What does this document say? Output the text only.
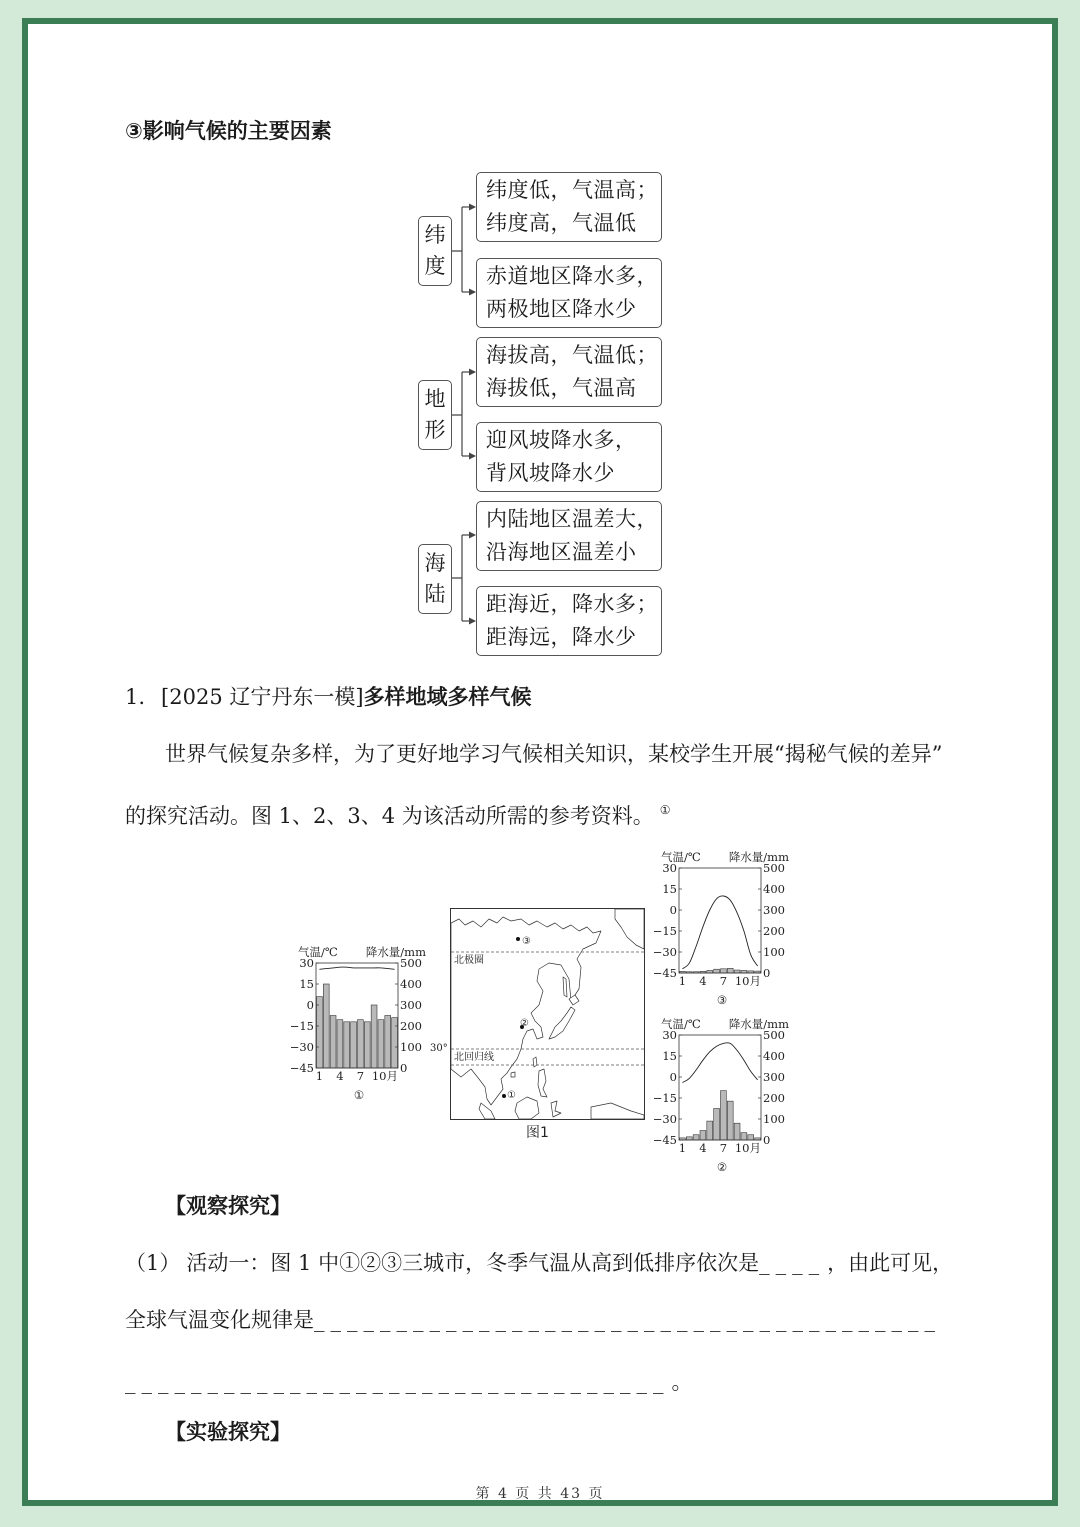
③影响气候的主要因素
纬度
地形
海陆
纬度低，气温高；
纬度高，气温低
赤道地区降水多，
两极地区降水少
海拔高，气温低；
海拔低，气温高
迎风坡降水多，
背风坡降水少
内陆地区温差大，
沿海地区温差小
距海近，降水多；
距海远，降水少
1. [2025 辽宁丹东一模]多样地域多样气候
世界气候复杂多样，为了更好地学习气候相关知识，某校学生开展“揭秘气候的差异”
的探究活动。图 1、2、3、4 为该活动所需的参考资料。 ①
30
15
0
−15
−30
−45
500
400
300
200
100
0
1 4 7 10月
气温/℃ 降水量/mm
①
30
15
0
−15
−30
−45
500
400
300
200
100
0
1 4 7 10月
气温/℃ 降水量/mm
②
30
15
0
−15
−30
−45
500
400
300
200
100
0
1 4 7 10月
气温/℃ 降水量/mm
③
北极圈
北回归线
③
②
①
30°
图1
【观察探究】
（1） 活动一：图 1 中①②③三城市，冬季气温从高到低排序依次是____，由此可见，
全球气温变化规律是______________________________________
_________________________________。
【实验探究】
第 4 页 共 43 页
